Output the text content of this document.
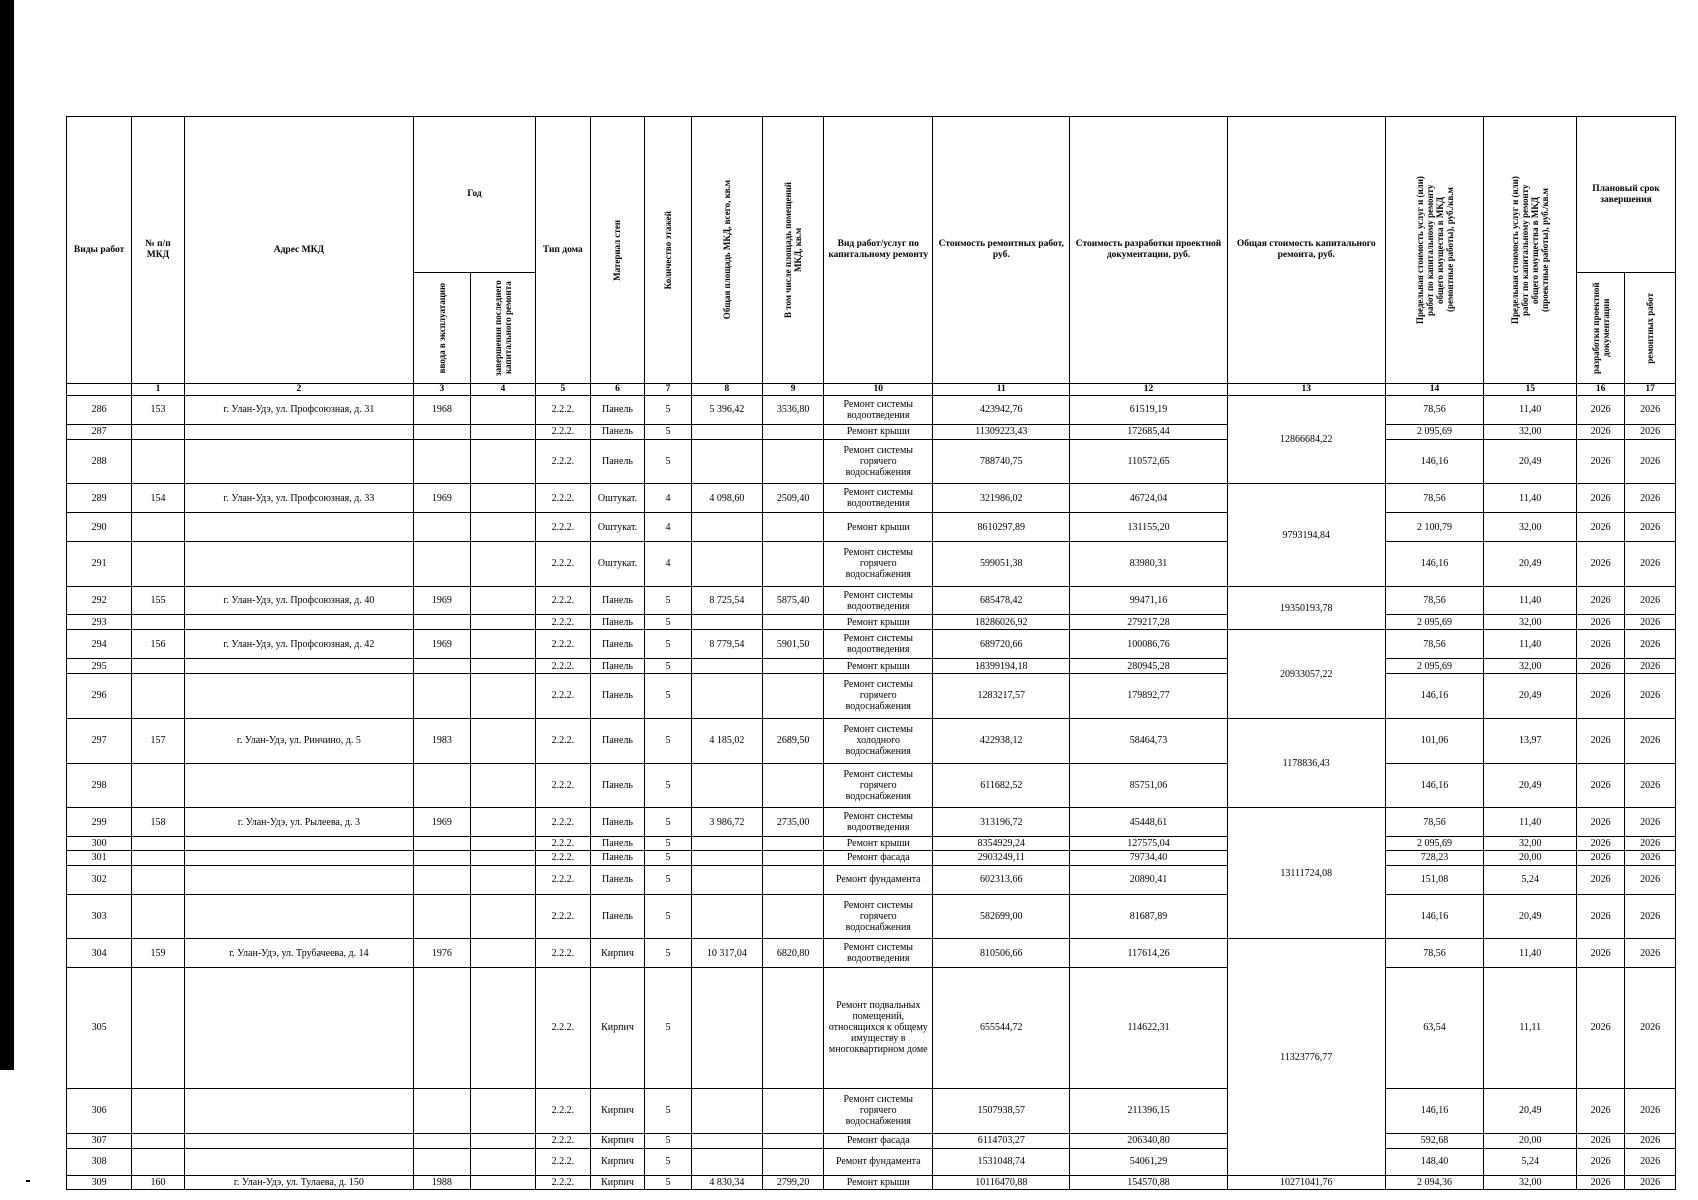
Виды работ	№ п/п МКД	Адрес МКД	Год		Тип дома	Материал стен	Количество этажей	Общая площадь МКД, всего, кв.м	В том числе площадь помещений МКД, кв.м	Вид работ/услуг по капитальному ремонту	Стоимость ремонтных работ, руб.	Стоимость разработки проектной документации, руб.	Общая стоимость капитального ремонта, руб.	Предельная стоимость услуг и (или) работ по капитальному ремонту общего имущества в МКД (ремонтные работы), руб./кв.м	Предельная стоимость услуг и (или) работ по капитальному ремонту общего имущества в МКД (проектные работы), руб./кв.м	Плановый срок завершения	

			ввода в эксплуатацию	завершения последнего капитального ремонта												разработки проектной документации	ремонтных работ

	1	2	3	4	5	6	7	8	9	10	11	12	13	14	15	16	17
286	153	г. Улан-Удэ, ул. Профсоюзная, д. 31	1968		2.2.2.	Панель	5	5 396,42	3536,80	Ремонт системы водоотведения	423942,76	61519,19	12866684,22	78,56	11,40	2026	2026
287					2.2.2.	Панель	5			Ремонт крыши	11309223,43	172685,44		2 095,69	32,00	2026	2026
288					2.2.2.	Панель	5			Ремонт системы горячего водоснабжения	788740,75	110572,65		146,16	20,49	2026	2026
289	154	г. Улан-Удэ, ул. Профсоюзная, д. 33	1969		2.2.2.	Оштукат.	4	4 098,60	2509,40	Ремонт системы водоотведения	321986,02	46724,04	9793194,84	78,56	11,40	2026	2026
290					2.2.2.	Оштукат.	4			Ремонт крыши	8610297,89	131155,20		2 100,79	32,00	2026	2026
291					2.2.2.	Оштукат.	4			Ремонт системы горячего водоснабжения	599051,38	83980,31		146,16	20,49	2026	2026
292	155	г. Улан-Удэ, ул. Профсоюзная, д. 40	1969		2.2.2.	Панель	5	8 725,54	5875,40	Ремонт системы водоотведения	685478,42	99471,16	19350193,78	78,56	11,40	2026	2026
293					2.2.2.	Панель	5			Ремонт крыши	18286026,92	279217,28		2 095,69	32,00	2026	2026
294	156	г. Улан-Удэ, ул. Профсоюзная, д. 42	1969		2.2.2.	Панель	5	8 779,54	5901,50	Ремонт системы водоотведения	689720,66	100086,76	20933057,22	78,56	11,40	2026	2026
295					2.2.2.	Панель	5			Ремонт крыши	18399194,18	280945,28		2 095,69	32,00	2026	2026
296					2.2.2.	Панель	5			Ремонт системы горячего водоснабжения	1283217,57	179892,77		146,16	20,49	2026	2026
297	157	г. Улан-Удэ, ул. Ринчино, д. 5	1983		2.2.2.	Панель	5	4 185,02	2689,50	Ремонт системы холодного водоснабжения	422938,12	58464,73	1178836,43	101,06	13,97	2026	2026
298					2.2.2.	Панель	5			Ремонт системы горячего водоснабжения	611682,52	85751,06		146,16	20,49	2026	2026
299	158	г. Улан-Удэ, ул. Рылеева, д. 3	1969		2.2.2.	Панель	5	3 986,72	2735,00	Ремонт системы водоотведения	313196,72	45448,61	13111724,08	78,56	11,40	2026	2026
300					2.2.2.	Панель	5			Ремонт крыши	8354929,24	127575,04		2 095,69	32,00	2026	2026
301					2.2.2.	Панель	5			Ремонт фасада	2903249,11	79734,40		728,23	20,00	2026	2026
302					2.2.2.	Панель	5			Ремонт фундамента	602313,66	20890,41		151,08	5,24	2026	2026
303					2.2.2.	Панель	5			Ремонт системы горячего водоснабжения	582699,00	81687,89		146,16	20,49	2026	2026
304	159	г. Улан-Удэ, ул. Трубачеева, д. 14	1976		2.2.2.	Кирпич	5	10 317,04	6820,80	Ремонт системы водоотведения	810506,66	117614,26	11323776,77	78,56	11,40	2026	2026
305					2.2.2.	Кирпич	5			Ремонт подвальных помещений, относящихся к общему имуществу в многоквартирном доме	655544,72	114622,31		63,54	11,11	2026	2026
306					2.2.2.	Кирпич	5			Ремонт системы горячего водоснабжения	1507938,57	211396,15		146,16	20,49	2026	2026
307					2.2.2.	Кирпич	5			Ремонт фасада	6114703,27	206340,80		592,68	20,00	2026	2026
308					2.2.2.	Кирпич	5			Ремонт фундамента	1531048,74	54061,29		148,40	5,24	2026	2026
309	160	г. Улан-Удэ, ул. Тулаева, д. 150	1988		2.2.2.	Кирпич	5	4 830,34	2799,20	Ремонт крыши	10116470,88	154570,88	10271041,76	2 094,36	32,00	2026	2026
